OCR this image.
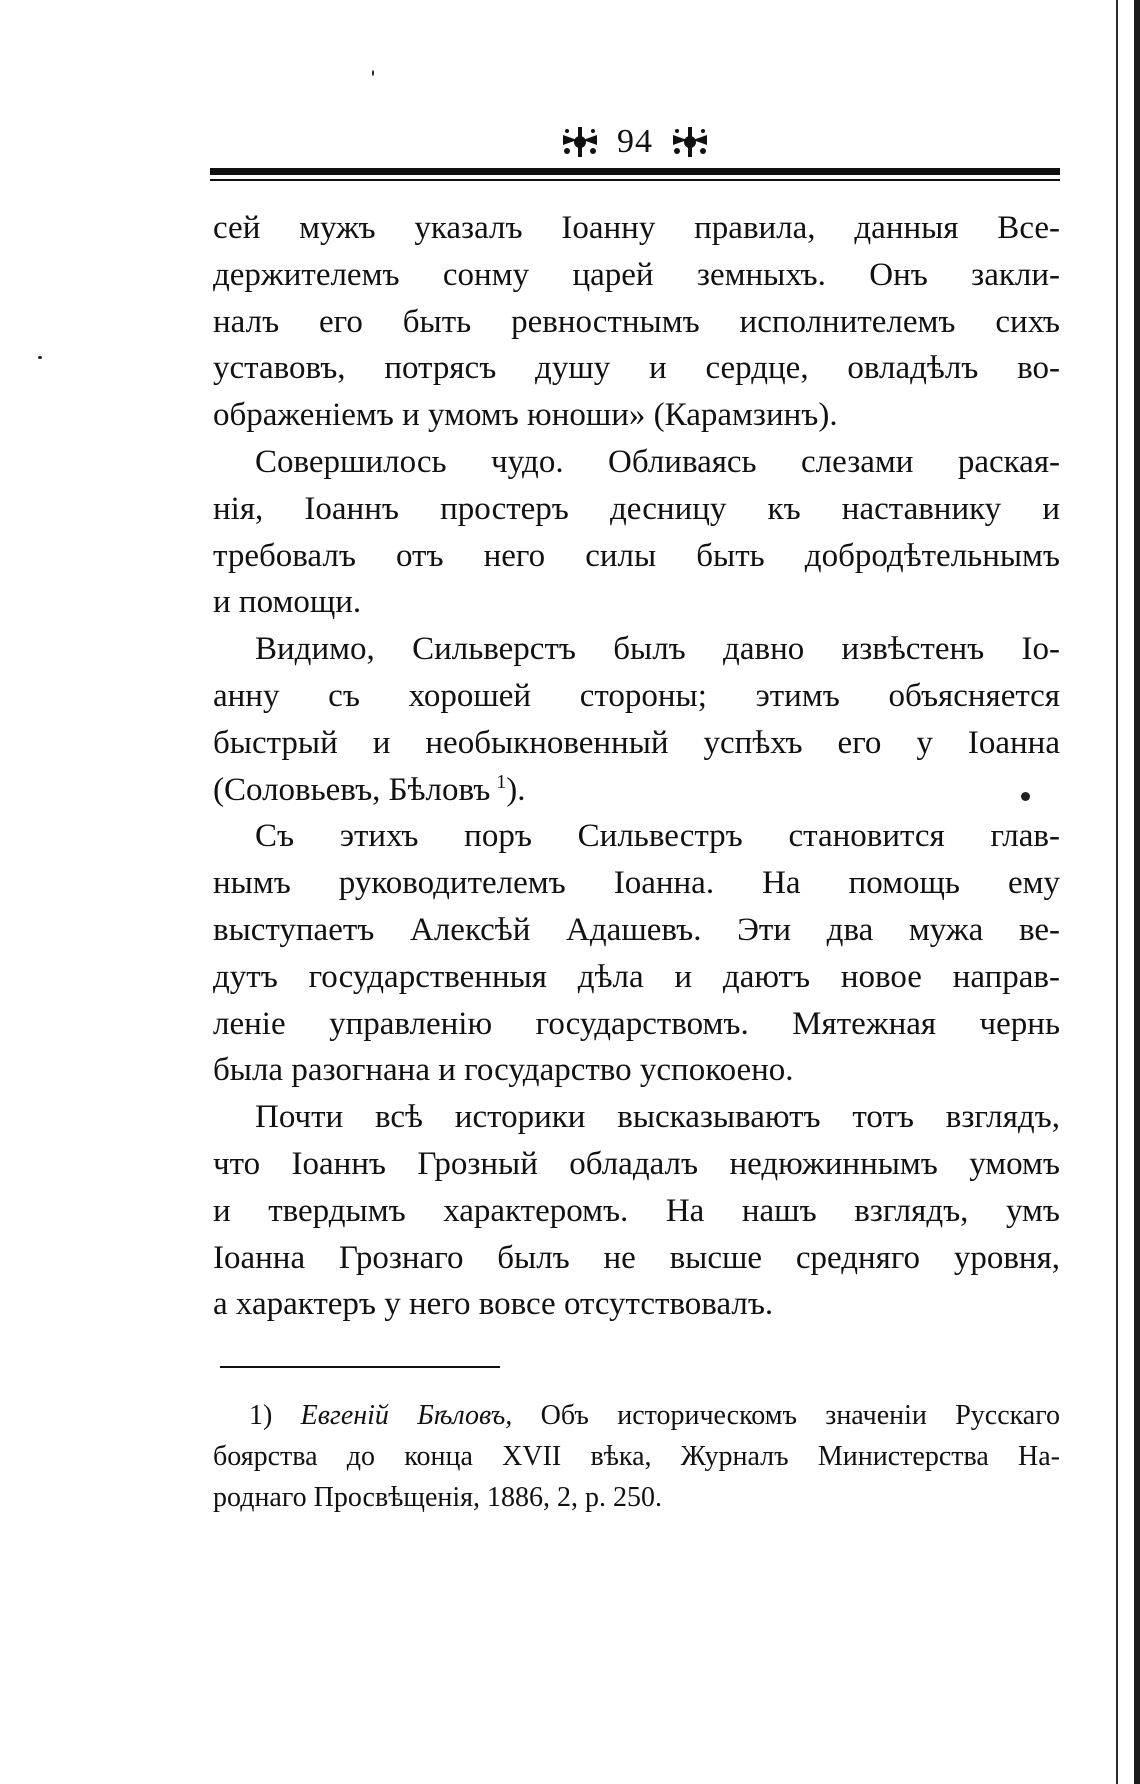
94

сей мужъ указалъ Іоанну правила, данныя Все-
держителемъ сонму царей земныхъ. Онъ закли-
налъ его быть ревностнымъ исполнителемъ сихъ
уставовъ, потрясъ душу и сердце, овладѣлъ во-
ображеніемъ и умомъ юноши» (Карамзинъ).

Совершилось чудо. Обливаясь слезами раская-
нія, Іоаннъ простеръ десницу къ наставнику и
требовалъ отъ него силы быть добродѣтельнымъ
и помощи.

Видимо, Сильверстъ былъ давно извѣстенъ Іо-
анну съ хорошей стороны; этимъ объясняется
быстрый и необыкновенный успѣхъ его у Іоанна
(Соловьевъ, Бѣловъ $^1$).

Съ этихъ поръ Сильвестръ становится глав-
нымъ руководителемъ Іоанна. На помощь ему
выступаетъ Алексѣй Адашевъ. Эти два мужа ве-
дутъ государственныя дѣла и даютъ новое направ-
леніе управленію государствомъ. Мятежная чернь
была разогнана и государство успокоено.

Почти всѣ историки высказываютъ тотъ взглядъ,
что Іоаннъ Грозный обладалъ недюжиннымъ умомъ
и твердымъ характеромъ. На нашъ взглядъ, умъ
Іоанна Грознаго былъ не высше средняго уровня,
а характеръ у него вовсе отсутствовалъ.

1) Евгеній Бѣловъ, Объ историческомъ значеніи Русскаго
боярства до конца XVII вѣка, Журналъ Министерства На-
роднаго Просвѣщенія, 1886, 2, p. 250.
